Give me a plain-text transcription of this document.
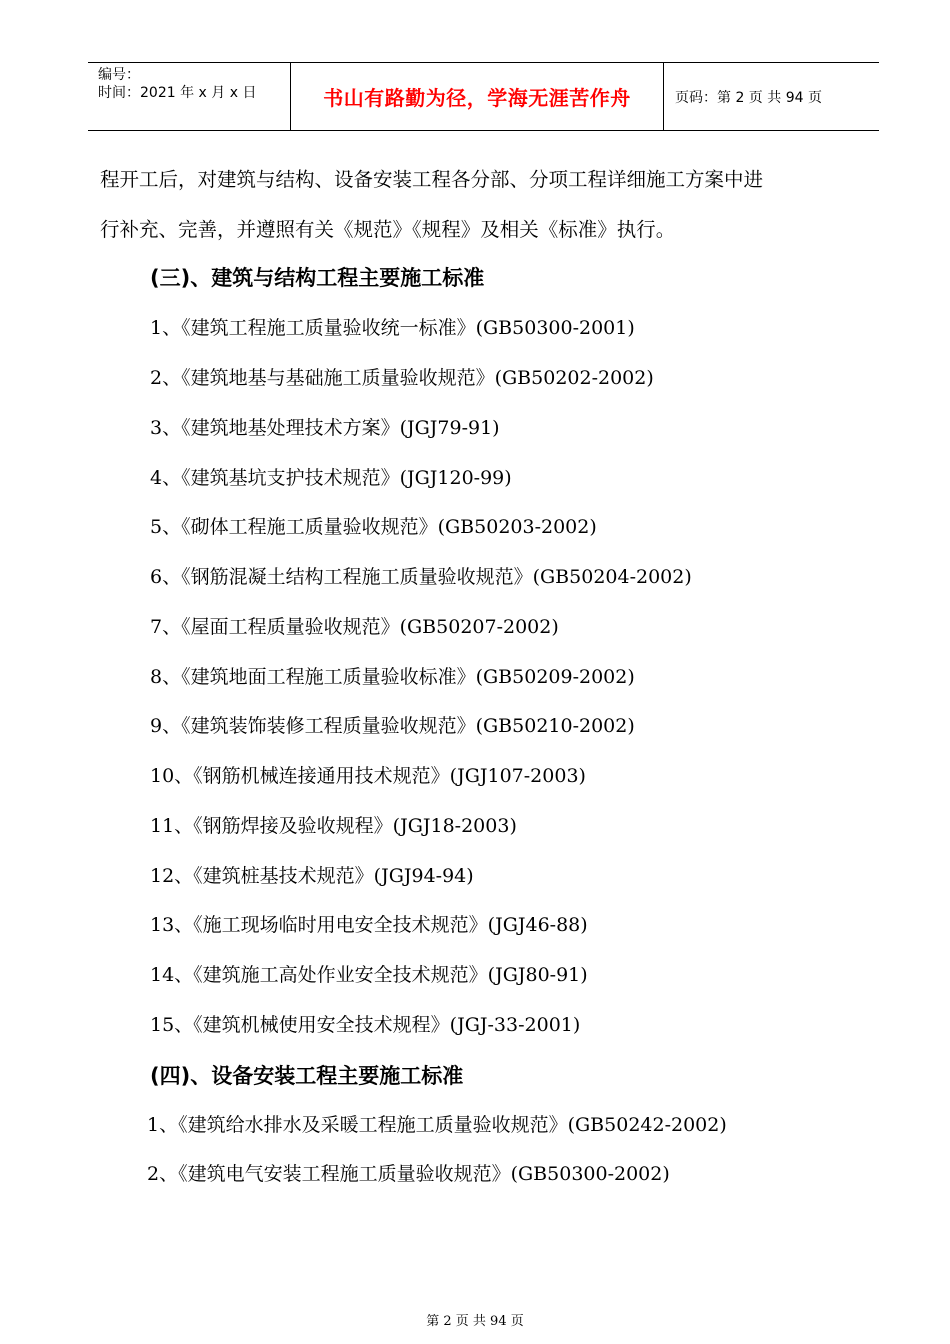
编号：
时间：2021 年 x 月 x 日	书山有路勤为径，学海无涯苦作舟	页码：第 2 页 共 94 页
程开工后，对建筑与结构、设备安装工程各分部、分项工程详细施工方案中进
行补充、完善，并遵照有关《规范》《规程》及相关《标准》执行。
(三)、建筑与结构工程主要施工标准
1、《建筑工程施工质量验收统一标准》(GB50300-2001)
2、《建筑地基与基础施工质量验收规范》(GB50202-2002)
3、《建筑地基处理技术方案》(JGJ79-91)
4、《建筑基坑支护技术规范》(JGJ120-99)
5、《砌体工程施工质量验收规范》(GB50203-2002)
6、《钢筋混凝土结构工程施工质量验收规范》(GB50204-2002)
7、《屋面工程质量验收规范》(GB50207-2002)
8、《建筑地面工程施工质量验收标准》(GB50209-2002)
9、《建筑装饰装修工程质量验收规范》(GB50210-2002)
10、《钢筋机械连接通用技术规范》(JGJ107-2003)
11、《钢筋焊接及验收规程》(JGJ18-2003)
12、《建筑桩基技术规范》(JGJ94-94)
13、《施工现场临时用电安全技术规范》(JGJ46-88)
14、《建筑施工高处作业安全技术规范》(JGJ80-91)
15、《建筑机械使用安全技术规程》(JGJ-33-2001)
(四)、设备安装工程主要施工标准
1、《建筑给水排水及采暖工程施工质量验收规范》(GB50242-2002)
2、《建筑电气安装工程施工质量验收规范》(GB50300-2002)
第 2 页 共 94 页
